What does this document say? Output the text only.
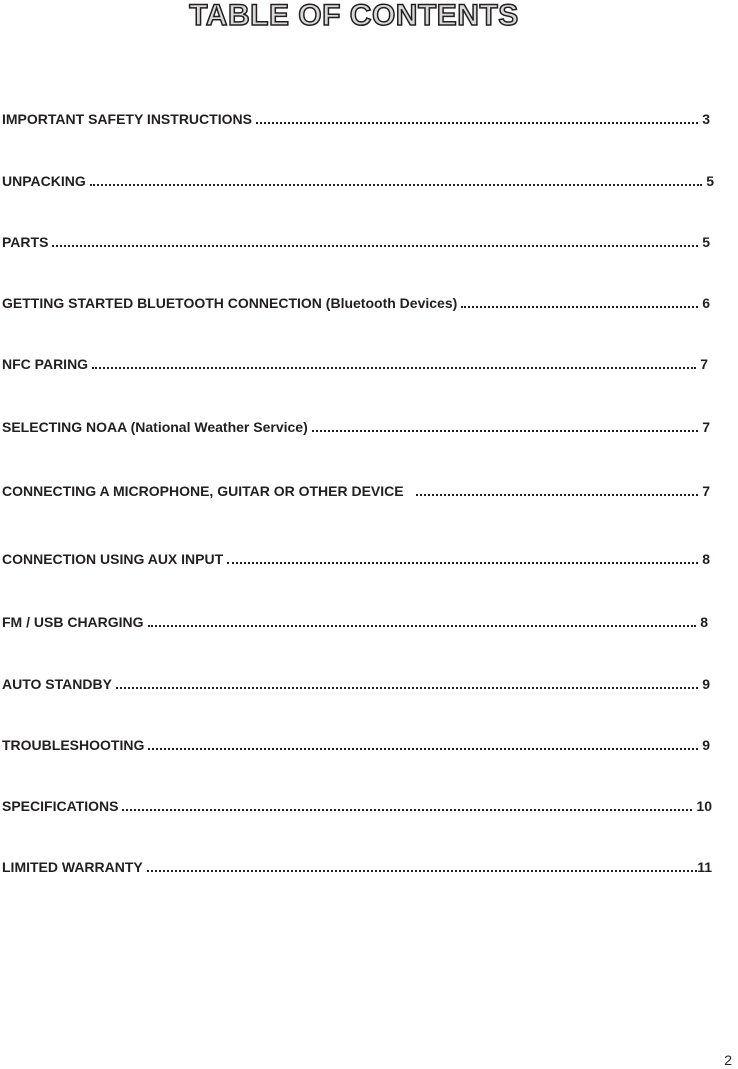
TABLE OF CONTENTS
IMPORTANT SAFETY INSTRUCTIONS	3
UNPACKING	5
PARTS	5
GETTING STARTED BLUETOOTH CONNECTION (Bluetooth Devices)	6
NFC PARING	7
SELECTING NOAA (National Weather Service)	7
CONNECTING A MICROPHONE, GUITAR OR OTHER DEVICE	7
CONNECTION USING AUX INPUT	8
FM / USB CHARGING	8
AUTO STANDBY	9
TROUBLESHOOTING	9
SPECIFICATIONS	10
LIMITED WARRANTY	11
2
